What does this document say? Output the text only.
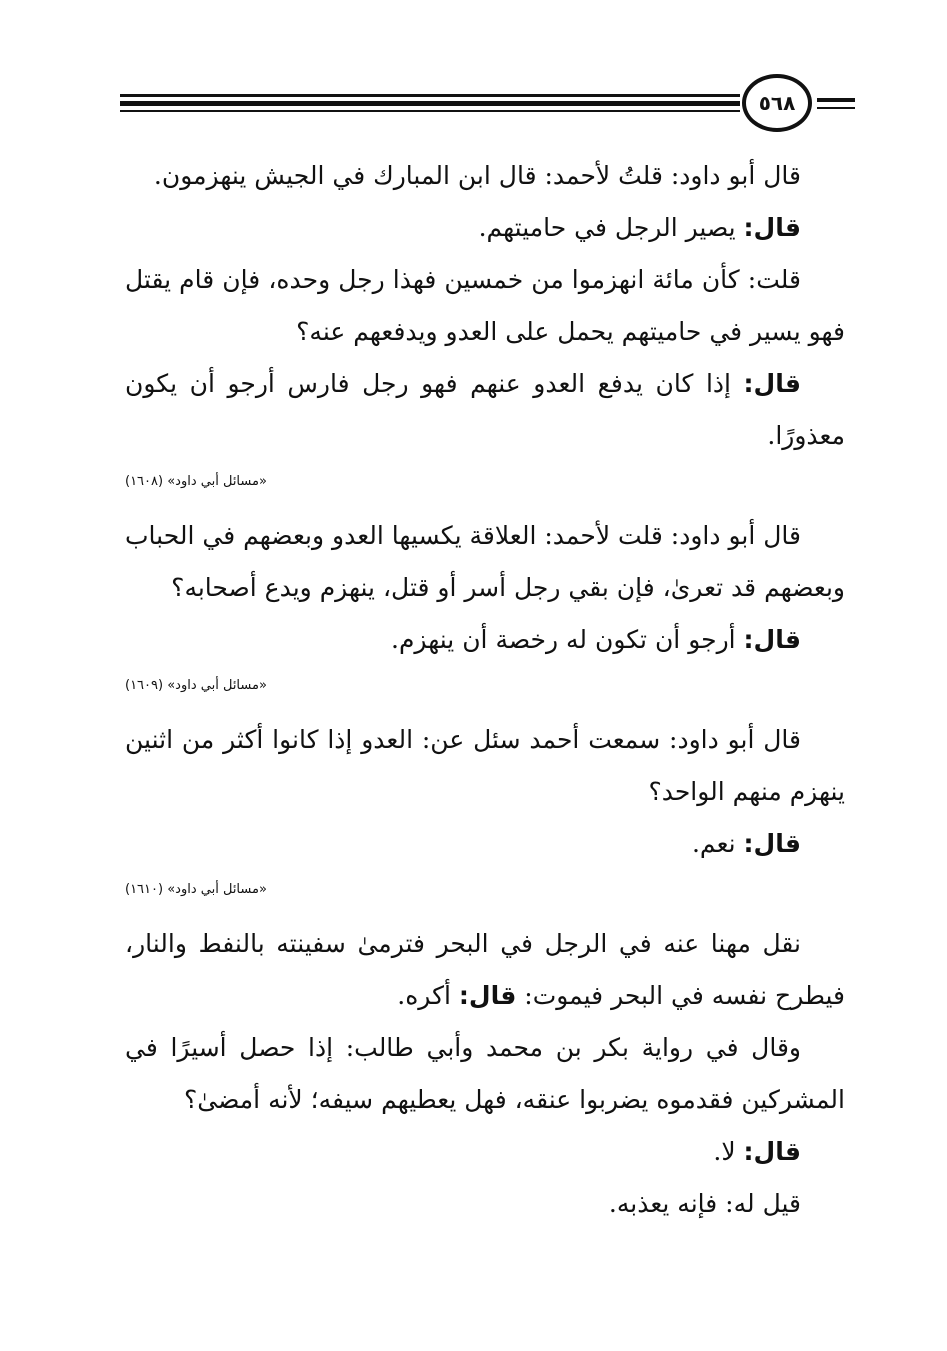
٥٦٨

قال أبو داود: قلتُ لأحمد: قال ابن المبارك في الجيش ينهزمون.

قال: يصير الرجل في حاميتهم.

قلت: كأن مائة انهزموا من خمسين فهذا رجل وحده، فإن قام يقتل فهو يسير في حاميتهم يحمل على العدو ويدفعهم عنه؟

قال: إذا كان يدفع العدو عنهم فهو رجل فارس أرجو أن يكون معذورًا.

«مسائل أبي داود» (١٦٠٨)

قال أبو داود: قلت لأحمد: العلاقة يكسيها العدو وبعضهم في الحباب وبعضهم قد تعرىٰ، فإن بقي رجل أسر أو قتل، ينهزم ويدع أصحابه؟

قال: أرجو أن تكون له رخصة أن ينهزم.

«مسائل أبي داود» (١٦٠٩)

قال أبو داود: سمعت أحمد سئل عن: العدو إذا كانوا أكثر من اثنين ينهزم منهم الواحد؟

قال: نعم.

«مسائل أبي داود» (١٦١٠)

نقل مهنا عنه في الرجل في البحر فترمىٰ سفينته بالنفط والنار، فيطرح نفسه في البحر فيموت: قال: أكره.

وقال في رواية بكر بن محمد وأبي طالب: إذا حصل أسيرًا في المشركين فقدموه يضربوا عنقه، فهل يعطيهم سيفه؛ لأنه أمضىٰ؟

قال: لا.

قيل له: فإنه يعذبه.
